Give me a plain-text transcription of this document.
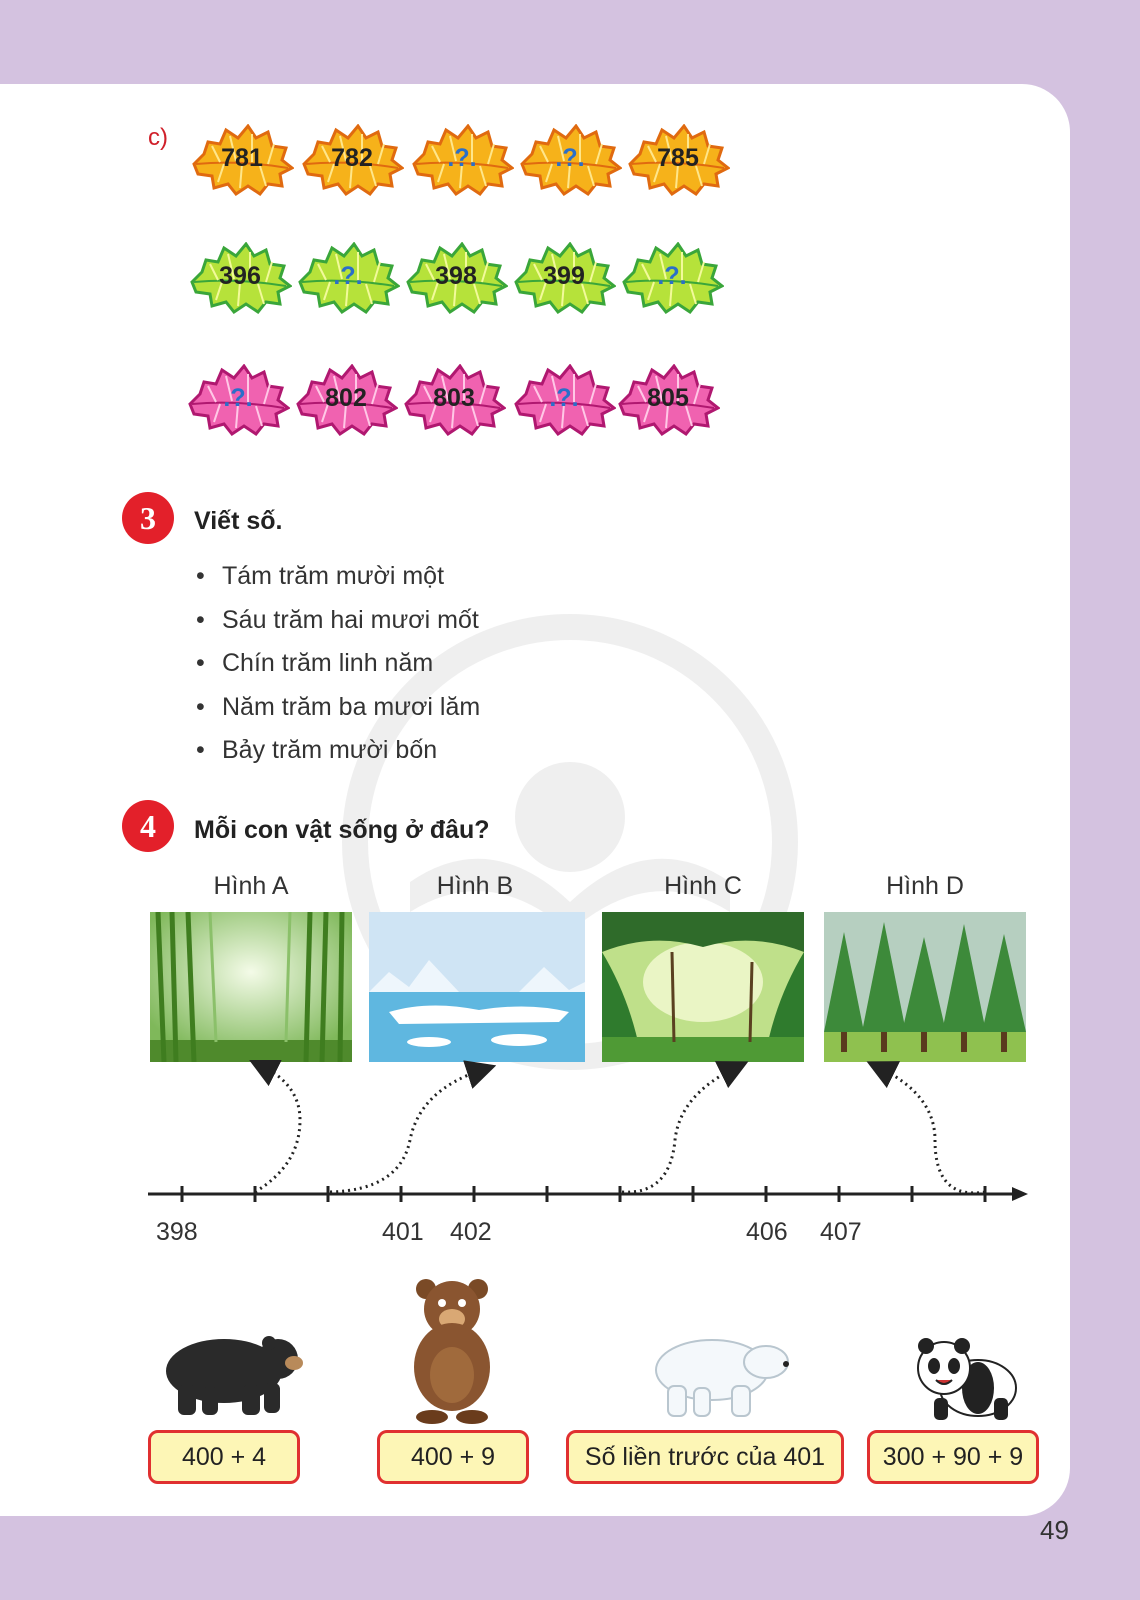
c)
781	782	.?.	.?.	785
396	.?.	398	399	.?.
.?.	802	803	.?.	805
3	Viết số.
• Tám trăm mười một
• Sáu trăm hai mươi mốt
• Chín trăm linh năm
• Năm trăm ba mươi lăm
• Bảy trăm mười bốn
4	Mỗi con vật sống ở đâu?
Hình A	Hình B	Hình C	Hình D
398	401 402	406 407
400 + 4	400 + 9	Số liền trước của 401	300 + 90 + 9
49
